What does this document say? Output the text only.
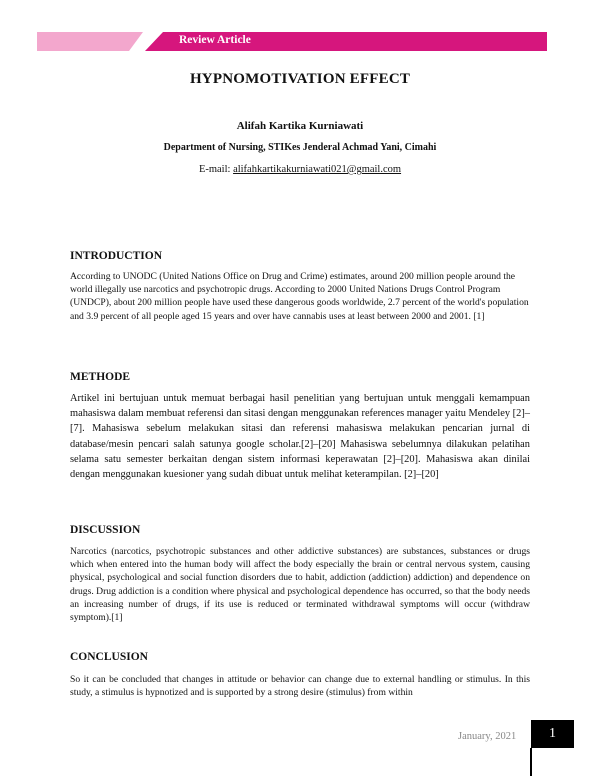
Review Article
HYPNOMOTIVATION EFFECT
Alifah Kartika Kurniawati
Department of Nursing, STIKes Jenderal Achmad Yani, Cimahi
E-mail: alifahkartikakurniawati021@gmail.com
INTRODUCTION

According to UNODC (United Nations Office on Drug and Crime) estimates, around 200 million people around the world illegally use narcotics and psychotropic drugs. According to 2000 United Nations Drugs Control Program (UNDCP), about 200 million people have used these dangerous goods worldwide, 2.7 percent of the world's population and 3.9 percent of all people aged 15 years and over have cannabis uses at least between 2000 and 2001. [1]

METHODE

Artikel ini bertujuan untuk memuat berbagai hasil penelitian yang bertujuan untuk menggali kemampuan mahasiswa dalam membuat referensi dan sitasi dengan menggunakan references manager yaitu Mendeley [2]–[7]. Mahasiswa sebelum melakukan sitasi dan referensi mahasiswa melakukan pencarian jurnal di database/mesin pencari salah satunya google scholar.[2]–[20] Mahasiswa sebelumnya dilakukan pelatihan selama satu semester berkaitan dengan sistem informasi keperawatan [2]–[20]. Mahasiswa akan dinilai dengan menggunakan kuesioner yang sudah dibuat untuk melihat keterampilan. [2]–[20]

DISCUSSION

Narcotics (narcotics, psychotropic substances and other addictive substances) are substances, substances or drugs which when entered into the human body will affect the body especially the brain or central nervous system, causing physical, psychological and social function disorders due to habit, addiction (addiction) addiction) and dependence on drugs. Drug addiction is a condition where physical and psychological dependence has occurred, so that the body needs an increasing number of drugs, if its use is reduced or terminated withdrawal symptoms will occur (withdraw symptom).[1]

CONCLUSION

So it can be concluded that changes in attitude or behavior can change due to external handling or stimulus. In this study, a stimulus is hypnotized and is supported by a strong desire (stimulus) from within

January, 2021	1
